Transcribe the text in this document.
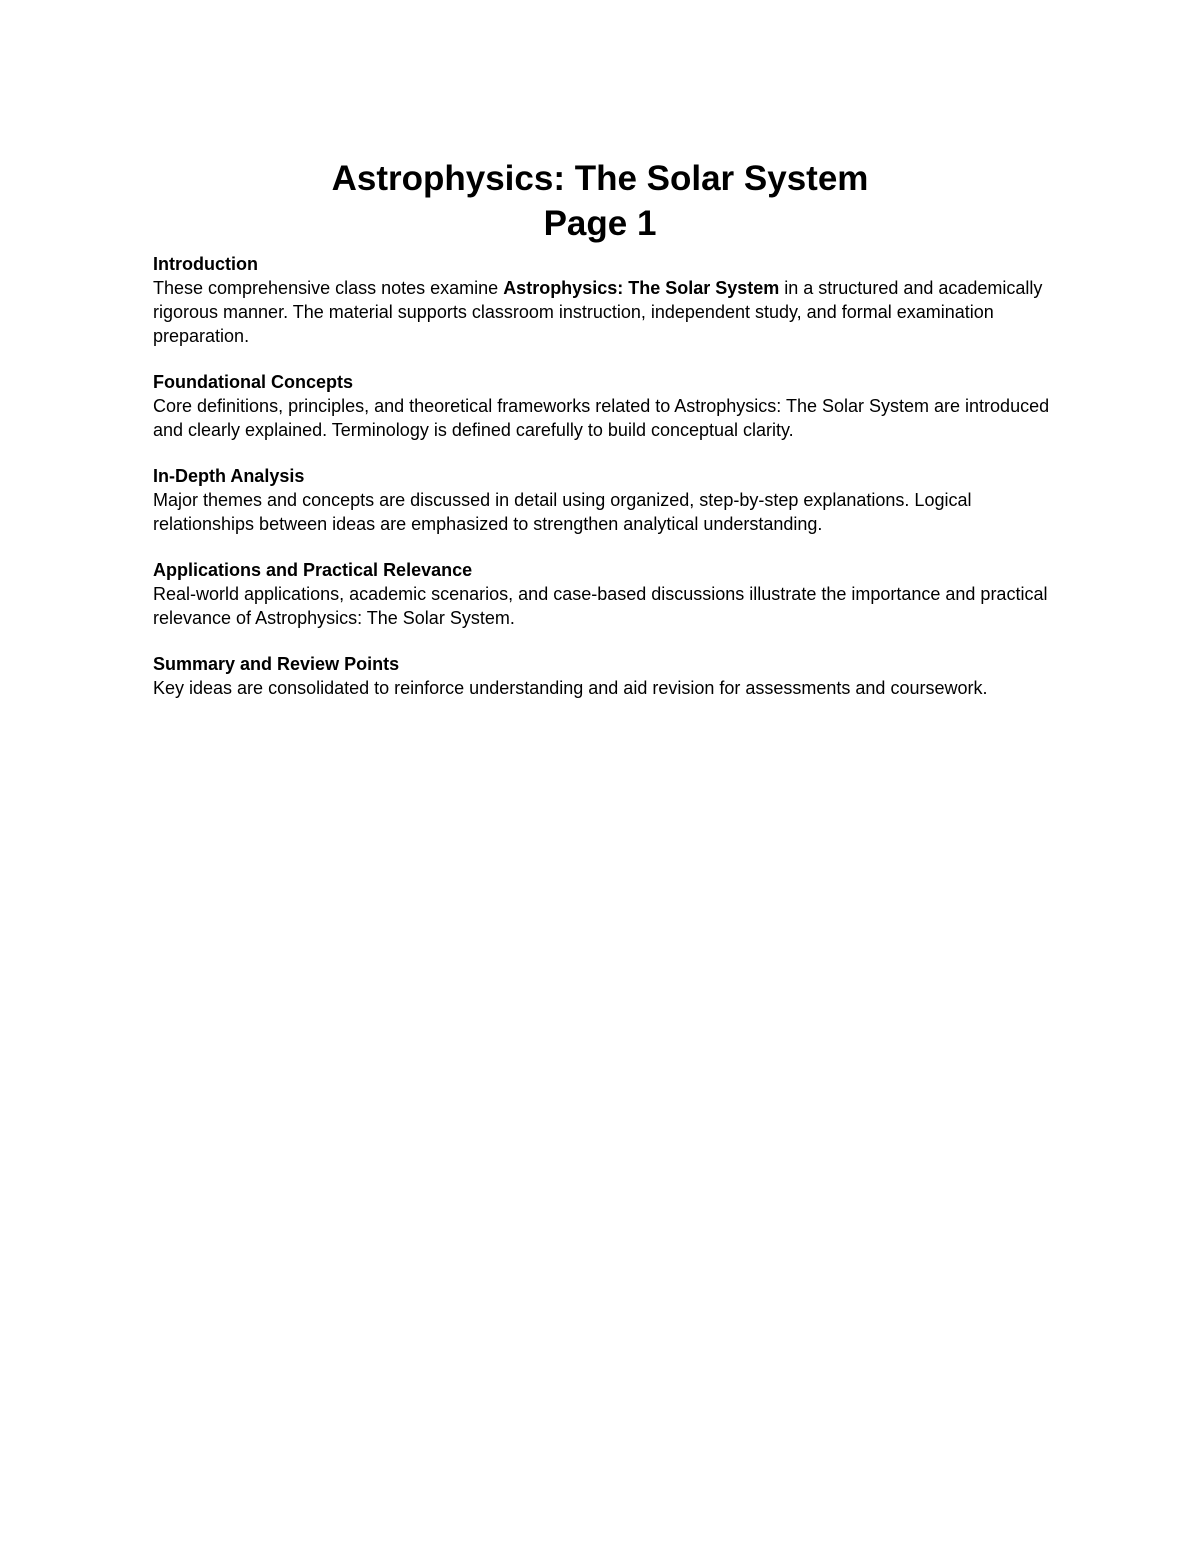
Astrophysics: The Solar System

Page 1

Introduction

These comprehensive class notes examine Astrophysics: The Solar System in a structured and academically rigorous manner. The material supports classroom instruction, independent study, and formal examination preparation.

Foundational Concepts

Core definitions, principles, and theoretical frameworks related to Astrophysics: The Solar System are introduced and clearly explained. Terminology is defined carefully to build conceptual clarity.

In-Depth Analysis

Major themes and concepts are discussed in detail using organized, step-by-step explanations. Logical relationships between ideas are emphasized to strengthen analytical understanding.

Applications and Practical Relevance

Real-world applications, academic scenarios, and case-based discussions illustrate the importance and practical relevance of Astrophysics: The Solar System.

Summary and Review Points

Key ideas are consolidated to reinforce understanding and aid revision for assessments and coursework.
